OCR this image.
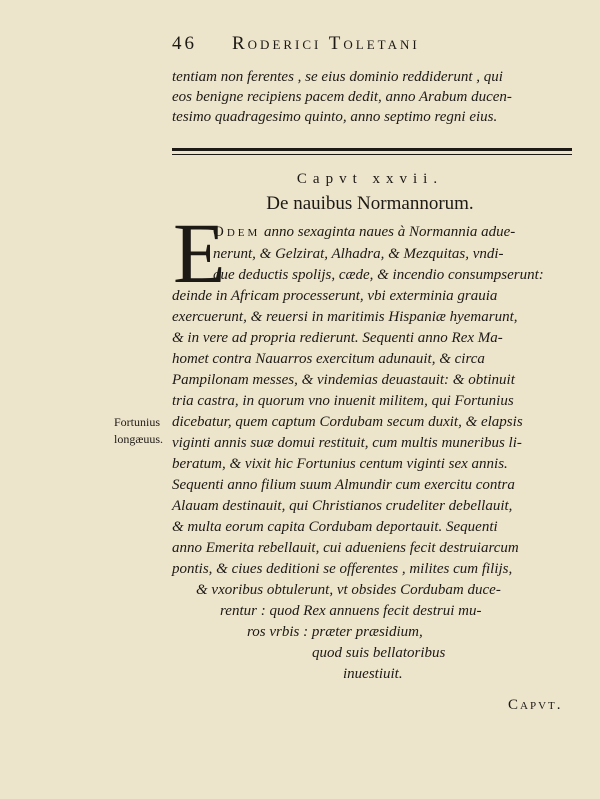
46 Roderici Toletani
tentiam non ferentes , se eius dominio reddiderunt , qui
eos benigne recipiens pacem dedit, anno Arabum ducen-
tesimo quadragesimo quinto, anno septimo regni eius.
Capvt xxvii.
De nauibus Normannorum.
E
Odem anno sexaginta naues à Normannia adue-
nerunt, & Gelzirat, Alhadra, & Mezquitas, vndi-
que deductis spolijs, cæde, & incendio consumpserunt:
deinde in Africam processerunt, vbi exterminia grauia
exercuerunt, & reuersi in maritimis Hispaniæ hyemarunt,
& in vere ad propria redierunt. Sequenti anno Rex Ma-
homet contra Nauarros exercitum adunauit, & circa
Pampilonam messes, & vindemias deuastauit: & obtinuit
tria castra, in quorum vno inuenit militem, qui Fortunius
dicebatur, quem captum Cordubam secum duxit, & elapsis
viginti annis suæ domui restituit, cum multis muneribus li-
beratum, & vixit hic Fortunius centum viginti sex annis.
Sequenti anno filium suum Almundir cum exercitu contra
Alauam destinauit, qui Christianos crudeliter debellauit,
& multa eorum capita Cordubam deportauit. Sequenti
anno Emerita rebellauit, cui adueniens fecit destruiarcum
pontis, & ciues deditioni se offerentes , milites cum filijs,
& vxoribus obtulerunt, vt obsides Cordubam duce-
rentur : quod Rex annuens fecit destrui mu-
ros vrbis : præter præsidium,
quod suis bellatoribus
inuestiuit.
Fortunius
longæuus.
Capvt.
